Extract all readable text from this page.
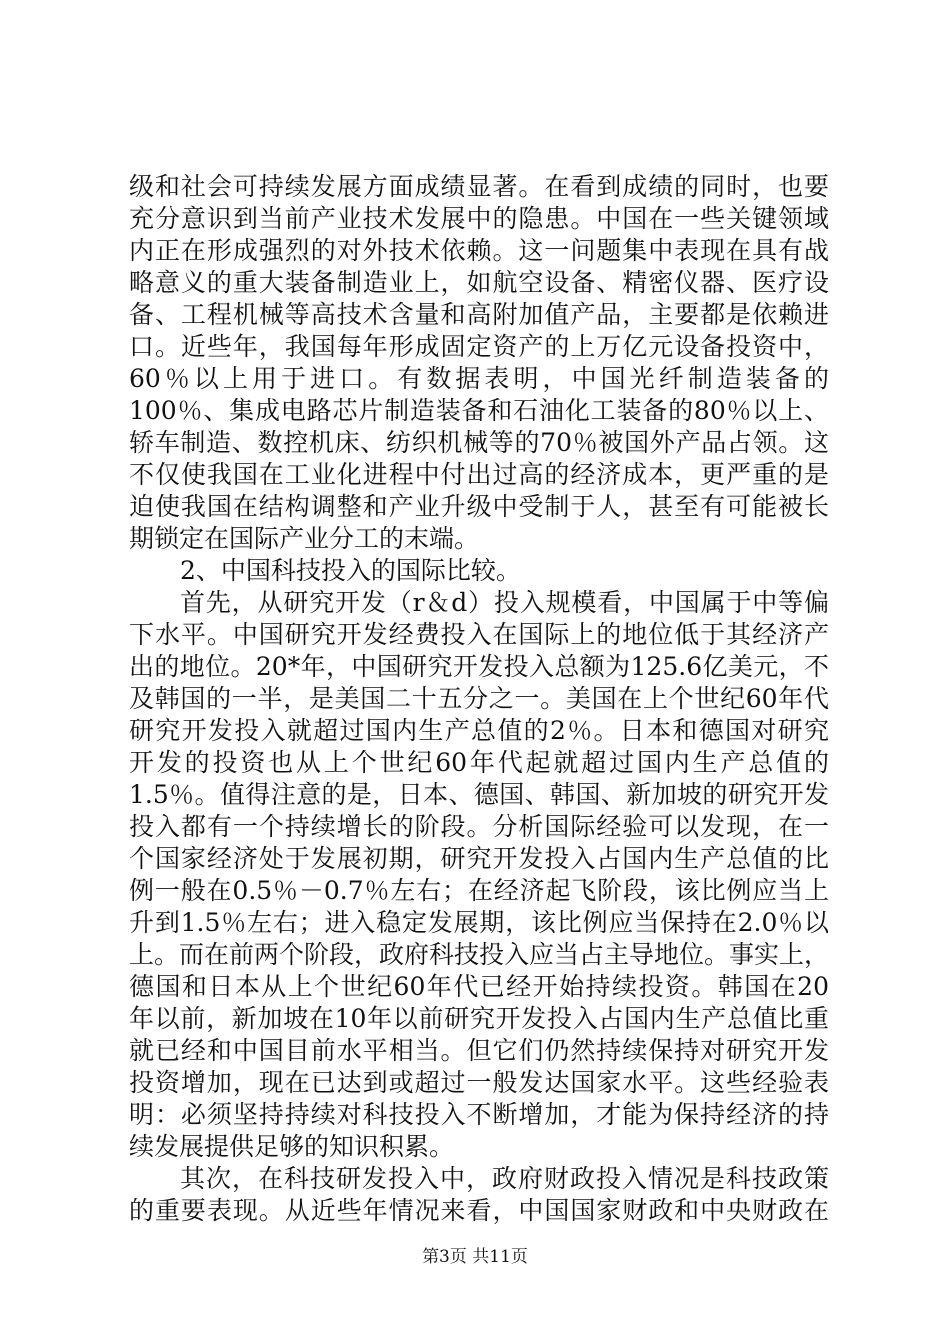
级和社会可持续发展方面成绩显著。在看到成绩的同时，也要
充分意识到当前产业技术发展中的隐患。中国在一些关键领域
内正在形成强烈的对外技术依赖。这一问题集中表现在具有战
略意义的重大装备制造业上，如航空设备、精密仪器、医疗设
备、工程机械等高技术含量和高附加值产品，主要都是依赖进
口。近些年，我国每年形成固定资产的上万亿元设备投资中，
60％以上用于进口。有数据表明，中国光纤制造装备的
100％、集成电路芯片制造装备和石油化工装备的80％以上、
轿车制造、数控机床、纺织机械等的70％被国外产品占领。这
不仅使我国在工业化进程中付出过高的经济成本，更严重的是
迫使我国在结构调整和产业升级中受制于人，甚至有可能被长
期锁定在国际产业分工的末端。
2、中国科技投入的国际比较。
首先，从研究开发（r＆d）投入规模看，中国属于中等偏
下水平。中国研究开发经费投入在国际上的地位低于其经济产
出的地位。20*年，中国研究开发投入总额为125.6亿美元，不
及韩国的一半，是美国二十五分之一。美国在上个世纪60年代
研究开发投入就超过国内生产总值的2％。日本和德国对研究
开发的投资也从上个世纪60年代起就超过国内生产总值的
1.5％。值得注意的是，日本、德国、韩国、新加坡的研究开发
投入都有一个持续增长的阶段。分析国际经验可以发现，在一
个国家经济处于发展初期，研究开发投入占国内生产总值的比
例一般在0.5％－0.7％左右；在经济起飞阶段，该比例应当上
升到1.5％左右；进入稳定发展期，该比例应当保持在2.0％以
上。而在前两个阶段，政府科技投入应当占主导地位。事实上，
德国和日本从上个世纪60年代已经开始持续投资。韩国在20
年以前，新加坡在10年以前研究开发投入占国内生产总值比重
就已经和中国目前水平相当。但它们仍然持续保持对研究开发
投资增加，现在已达到或超过一般发达国家水平。这些经验表
明：必须坚持持续对科技投入不断增加，才能为保持经济的持
续发展提供足够的知识积累。
其次，在科技研发投入中，政府财政投入情况是科技政策
第3页 共11页
的重要表现。从近些年情况来看，中国国家财政和中央财政在
